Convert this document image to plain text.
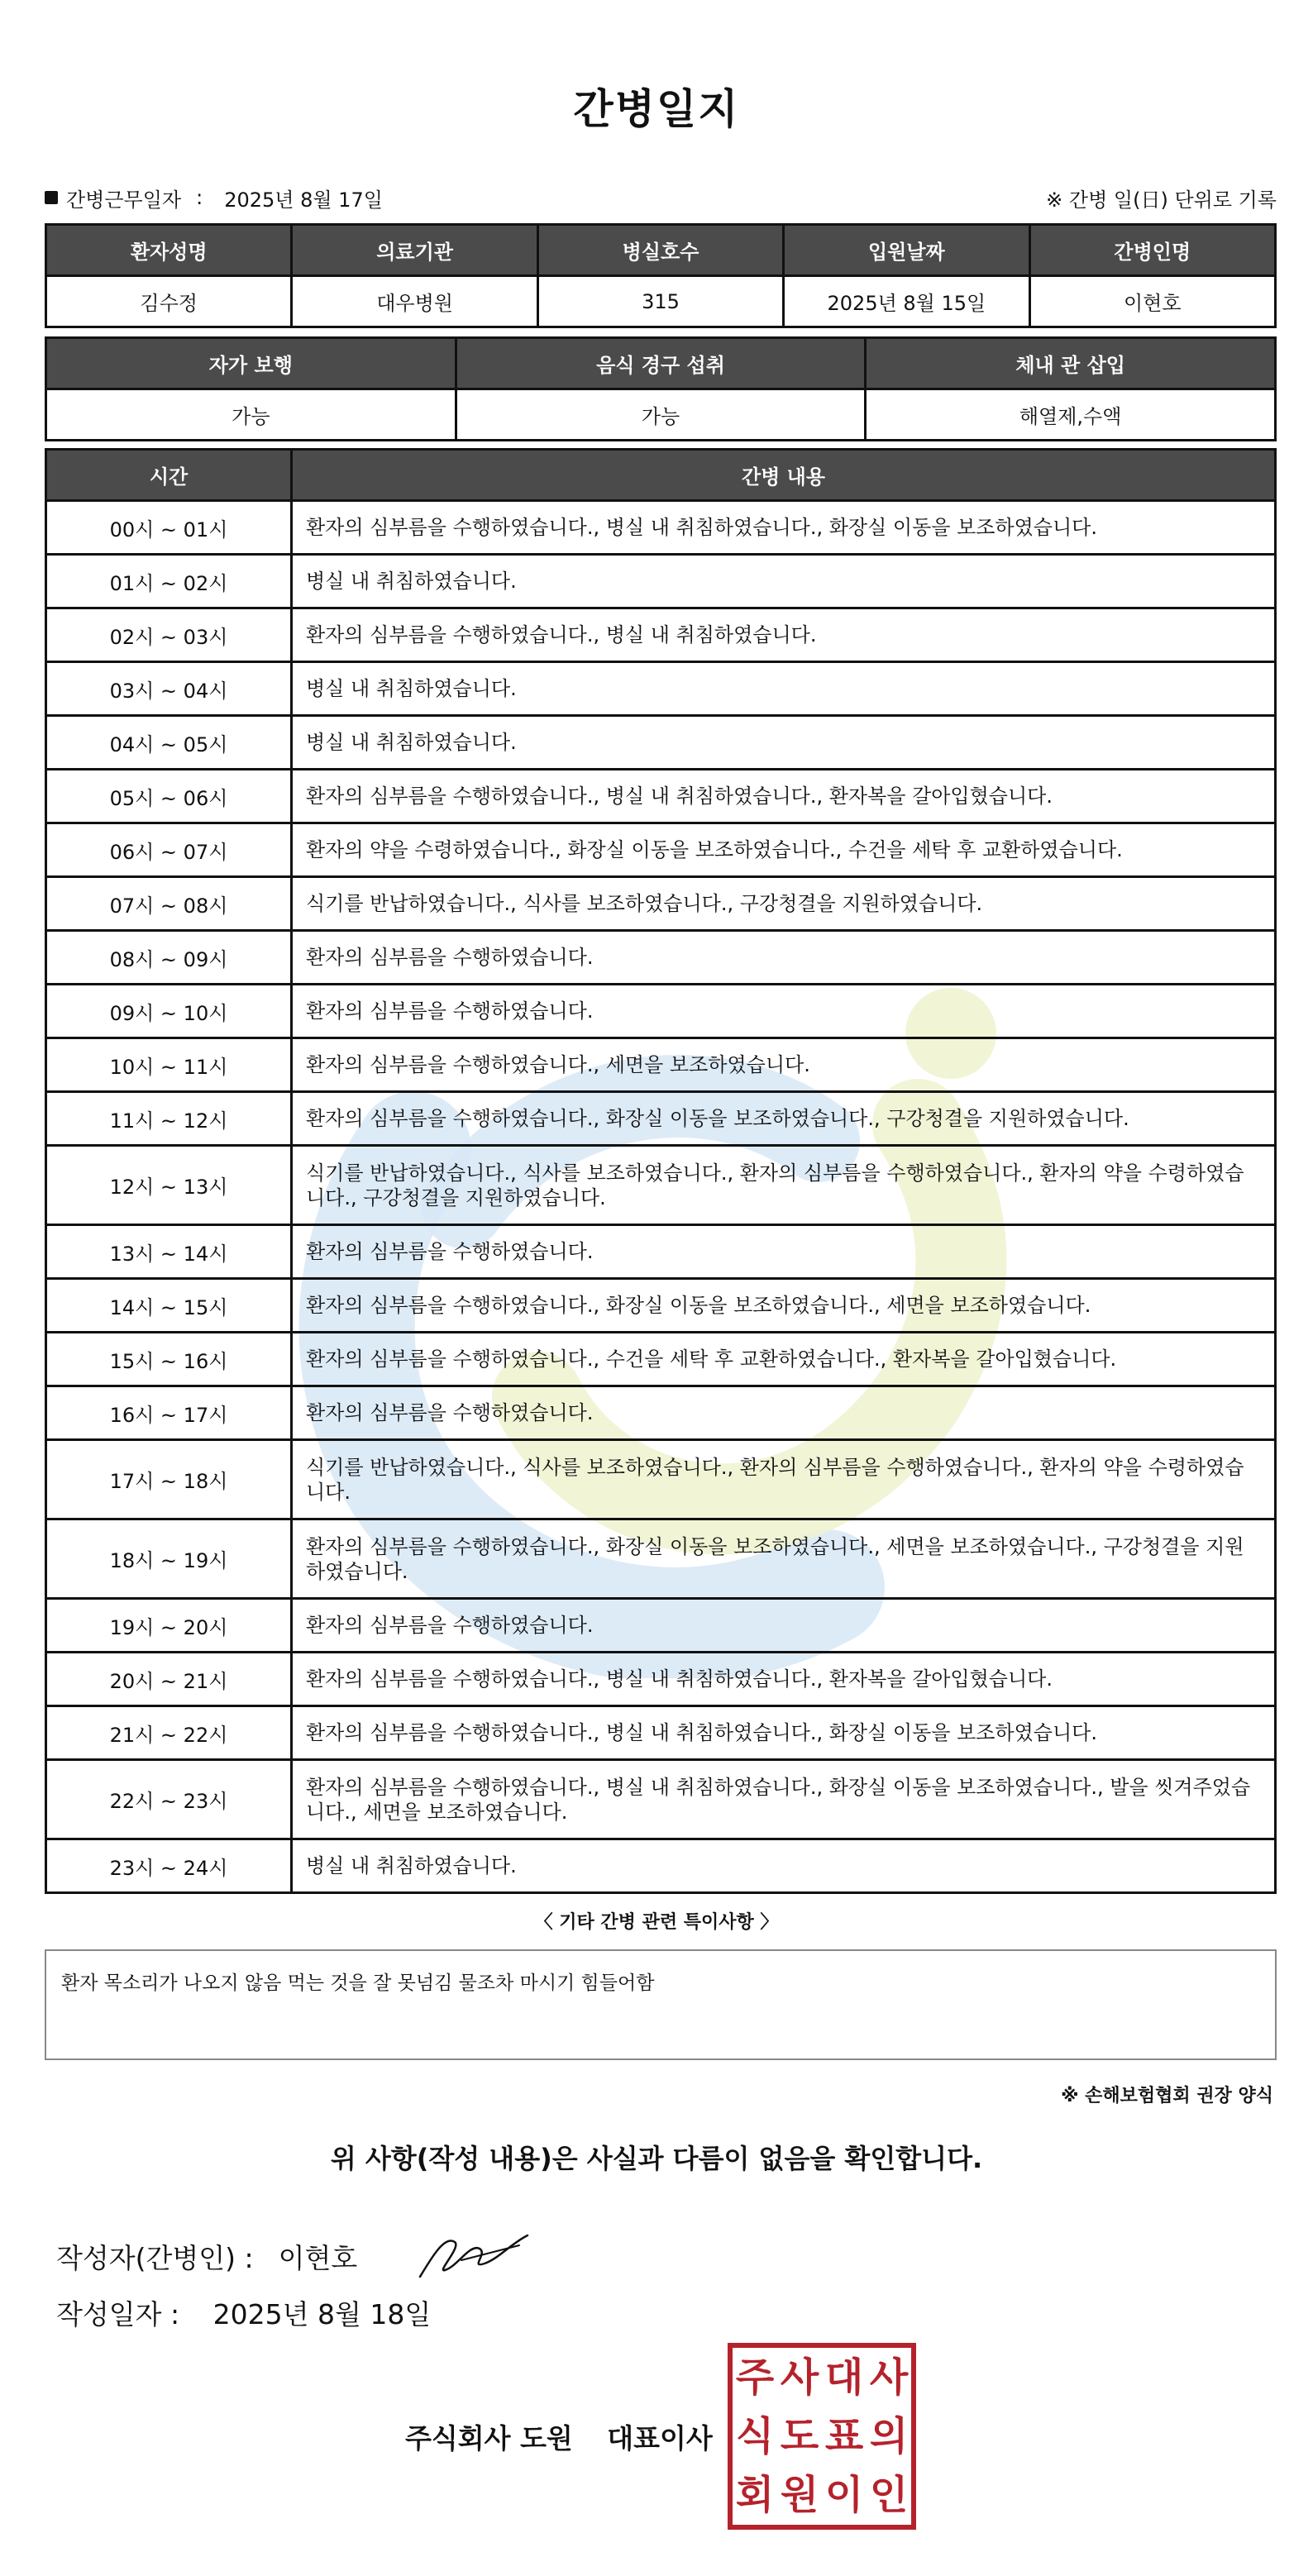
간병일지
간병근무일자 : 2025년 8월 17일	※ 간병 일(日) 단위로 기록
환자성명	의료기관	병실호수	입원날짜	간병인명
김수정	대우병원	315	2025년 8월 15일	이현호
자가 보행	음식 경구 섭취	체내 관 삽입
가능	가능	해열제,수액
시간	간병 내용
00시 ~ 01시	환자의 심부름을 수행하였습니다., 병실 내 취침하였습니다., 화장실 이동을 보조하였습니다.
01시 ~ 02시	병실 내 취침하였습니다.
02시 ~ 03시	환자의 심부름을 수행하였습니다., 병실 내 취침하였습니다.
03시 ~ 04시	병실 내 취침하였습니다.
04시 ~ 05시	병실 내 취침하였습니다.
05시 ~ 06시	환자의 심부름을 수행하였습니다., 병실 내 취침하였습니다., 환자복을 갈아입혔습니다.
06시 ~ 07시	환자의 약을 수령하였습니다., 화장실 이동을 보조하였습니다., 수건을 세탁 후 교환하였습니다.
07시 ~ 08시	식기를 반납하였습니다., 식사를 보조하였습니다., 구강청결을 지원하였습니다.
08시 ~ 09시	환자의 심부름을 수행하였습니다.
09시 ~ 10시	환자의 심부름을 수행하였습니다.
10시 ~ 11시	환자의 심부름을 수행하였습니다., 세면을 보조하였습니다.
11시 ~ 12시	환자의 심부름을 수행하였습니다., 화장실 이동을 보조하였습니다., 구강청결을 지원하였습니다.
12시 ~ 13시	식기를 반납하였습니다., 식사를 보조하였습니다., 환자의 심부름을 수행하였습니다., 환자의 약을 수령하였습니다., 구강청결을 지원하였습니다.
13시 ~ 14시	환자의 심부름을 수행하였습니다.
14시 ~ 15시	환자의 심부름을 수행하였습니다., 화장실 이동을 보조하였습니다., 세면을 보조하였습니다.
15시 ~ 16시	환자의 심부름을 수행하였습니다., 수건을 세탁 후 교환하였습니다., 환자복을 갈아입혔습니다.
16시 ~ 17시	환자의 심부름을 수행하였습니다.
17시 ~ 18시	식기를 반납하였습니다., 식사를 보조하였습니다., 환자의 심부름을 수행하였습니다., 환자의 약을 수령하였습니다.
18시 ~ 19시	환자의 심부름을 수행하였습니다., 화장실 이동을 보조하였습니다., 세면을 보조하였습니다., 구강청결을 지원하였습니다.
19시 ~ 20시	환자의 심부름을 수행하였습니다.
20시 ~ 21시	환자의 심부름을 수행하였습니다., 병실 내 취침하였습니다., 환자복을 갈아입혔습니다.
21시 ~ 22시	환자의 심부름을 수행하였습니다., 병실 내 취침하였습니다., 화장실 이동을 보조하였습니다.
22시 ~ 23시	환자의 심부름을 수행하였습니다., 병실 내 취침하였습니다., 화장실 이동을 보조하였습니다., 발을 씻겨주었습니다., 세면을 보조하였습니다.
23시 ~ 24시	병실 내 취침하였습니다.
〈 기타 간병 관련 특이사항 〉
환자 목소리가 나오지 않음 먹는 것을 잘 못넘김 물조차 마시기 힘들어함
※ 손해보험협회 권장 양식
위 사항(작성 내용)은 사실과 다름이 없음을 확인합니다.
작성자(간병인) : 이현호
작성일자 : 2025년 8월 18일
주식회사 도원 대표이사
주 사 대 사
식 도 표 의
회 원 이 인
